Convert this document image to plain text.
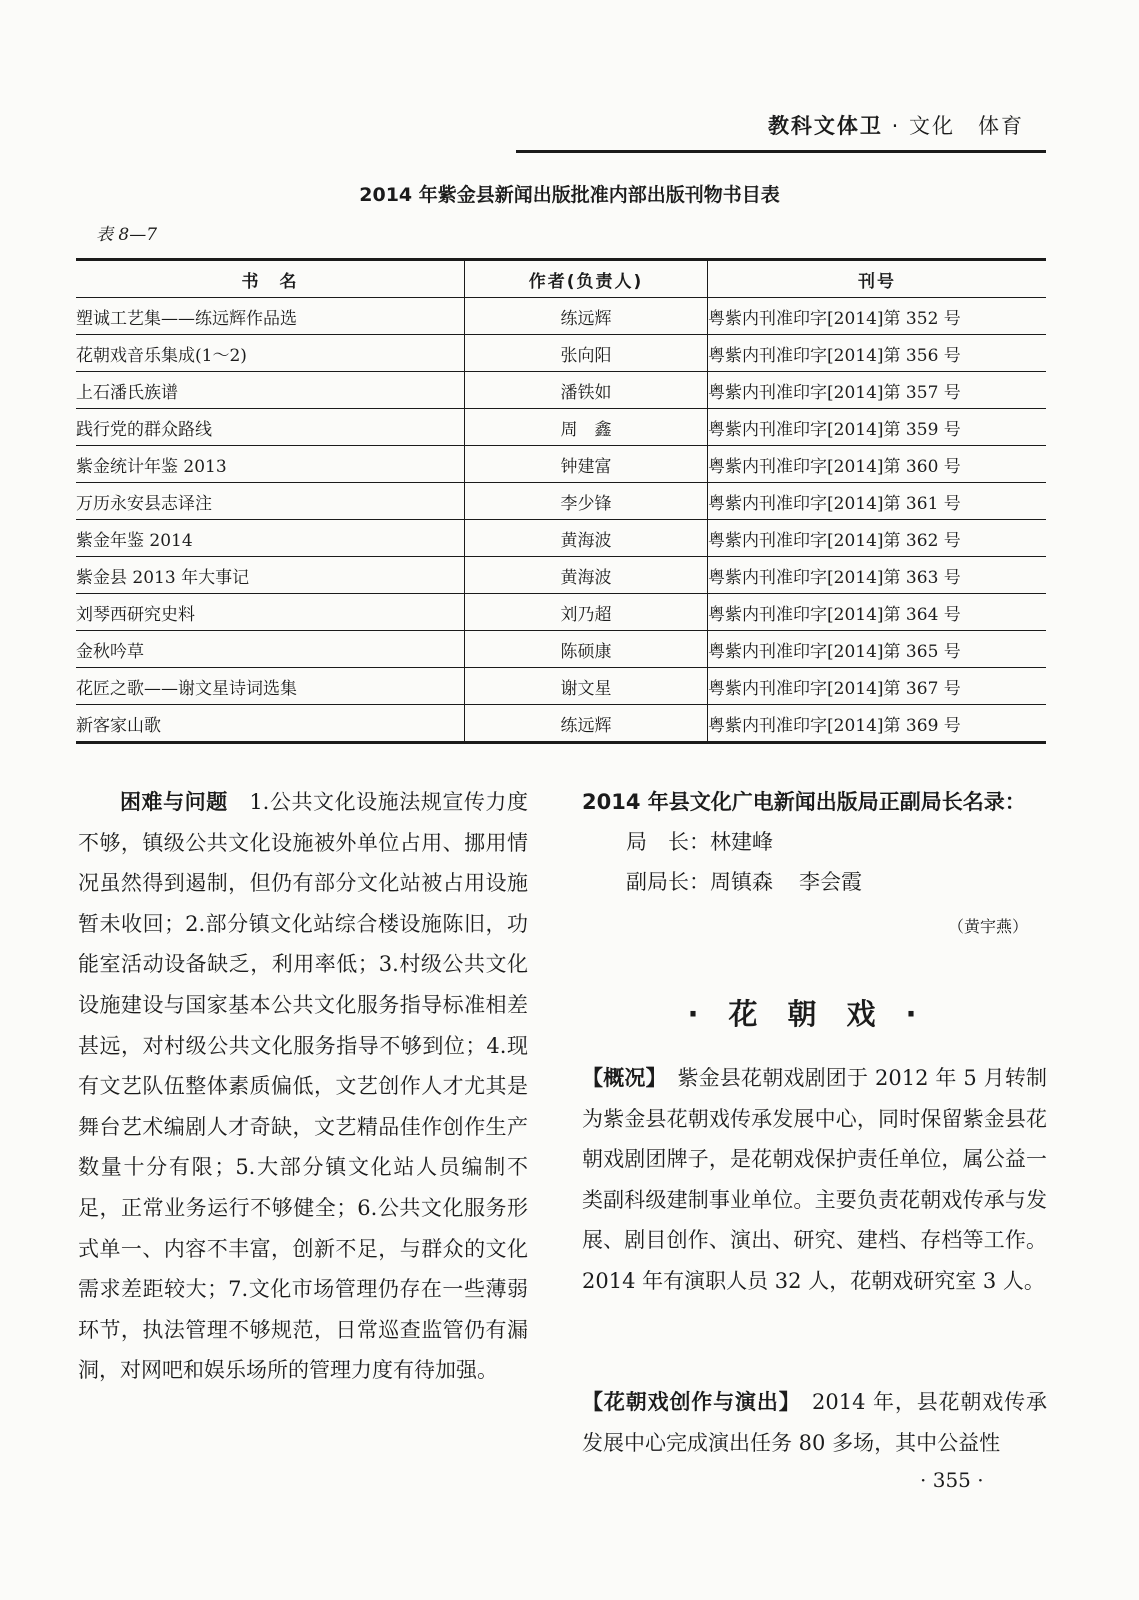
教科文体卫 · 文化　体育
2014 年紫金县新闻出版批准内部出版刊物书目表
表 8—7
书　名	作者(负责人)	刊号
塑诚工艺集——练远辉作品选	练远辉	粤紫内刊准印字[2014]第 352 号
花朝戏音乐集成(1～2)	张向阳	粤紫内刊准印字[2014]第 356 号
上石潘氏族谱	潘铁如	粤紫内刊准印字[2014]第 357 号
践行党的群众路线	周　鑫	粤紫内刊准印字[2014]第 359 号
紫金统计年鉴 2013	钟建富	粤紫内刊准印字[2014]第 360 号
万历永安县志译注	李少锋	粤紫内刊准印字[2014]第 361 号
紫金年鉴 2014	黄海波	粤紫内刊准印字[2014]第 362 号
紫金县 2013 年大事记	黄海波	粤紫内刊准印字[2014]第 363 号
刘琴西研究史料	刘乃超	粤紫内刊准印字[2014]第 364 号
金秋吟草	陈硕康	粤紫内刊准印字[2014]第 365 号
花匠之歌——谢文星诗词选集	谢文星	粤紫内刊准印字[2014]第 367 号
新客家山歌	练远辉	粤紫内刊准印字[2014]第 369 号
困难与问题　1.公共文化设施法规宣传力度不够，镇级公共文化设施被外单位占用、挪用情况虽然得到遏制，但仍有部分文化站被占用设施暂未收回；2.部分镇文化站综合楼设施陈旧，功能室活动设备缺乏，利用率低；3.村级公共文化设施建设与国家基本公共文化服务指导标准相差甚远，对村级公共文化服务指导不够到位；4.现有文艺队伍整体素质偏低，文艺创作人才尤其是舞台艺术编剧人才奇缺，文艺精品佳作创作生产数量十分有限；5.大部分镇文化站人员编制不足，正常业务运行不够健全；6.公共文化服务形式单一、内容不丰富，创新不足，与群众的文化需求差距较大；7.文化市场管理仍存在一些薄弱环节，执法管理不够规范，日常巡查监管仍有漏洞，对网吧和娱乐场所的管理力度有待加强。
2014 年县文化广电新闻出版局正副局长名录：
局　长：林建峰
副局长：周镇森 李会霞
（黄宇燕）
·花朝戏·
【概况】　紫金县花朝戏剧团于 2012 年 5 月转制为紫金县花朝戏传承发展中心，同时保留紫金县花朝戏剧团牌子，是花朝戏保护责任单位，属公益一类副科级建制事业单位。主要负责花朝戏传承与发展、剧目创作、演出、研究、建档、存档等工作。2014 年有演职人员 32 人，花朝戏研究室 3 人。
【花朝戏创作与演出】　2014 年，县花朝戏传承发展中心完成演出任务 80 多场，其中公益性
· 355 ·
